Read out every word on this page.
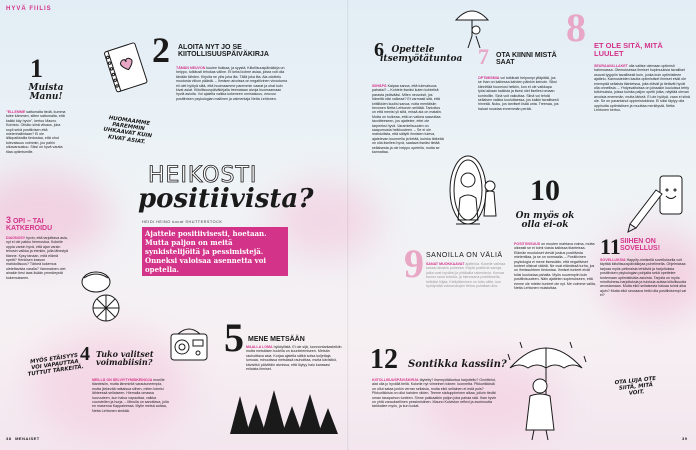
HYVÄ FIILIS
1
Muista Manu!
"ELLEMME sattumalta tiedä, kumma tulee kämmen, sitten sattumalta, että kaikki käy hyvin", kertoo Mauno Koivisto. Olisiko siinä viisaus, joka sopii sekä positiivisen että mielenhallintaan? Ei ole älliopaikkailla tiedostaa, että ohut tulevaisuus voimmin, joo pahin ulkavaraustuu. Siksi on hyvä varata tilaa optimismille.
2 ALOITA NYT JO SE KIITOLLISUUSPÄIVÄKIRJA
TÄMÄN NEUVON kuulee tiukkaa, ja syystä. Kiitollisuuspäiväkirja on helppo, tutkitusti tehokas väline. Et keksi kolme asiaa, joista voit olla tänään tähden. Kirjoita ne ylös joka ilta. Tällä joka ilta. Ala odottelu muutosta viikon päästä. – Ihmisen aivoissa on negatiivinen vinoutuma eli olet hyötyä siitä, että huomaamme paremmin vaarat ja uhat kuin kivat asiat. Kiitollisuuspäiväkirjalla treenataan aivoja huomaamaan hyviä asioita. Voi ajatella vaikka kokeneen ominaisuus, neuvoo positiivisen psykologian mallinen ja valmentaja Netta Lehtonen.
HUOMAAMME PAREMMIN UHKAAVAT KUIN KIVAT ASIAT.
HEIKOSTI
positiivista?
HEIDI HEINO kuvat SHUTTERSTOCK
Ajattele positiivisesti, hoetaan. Mutta paljon on meitä synkistelijöitä ja pessimistejä. Onneksi valoisaa asennetta voi opetella.
3 OPI – TAI KATKEROIDU
DIAGNOSY hyvin, että tarjoittava asia, nyt ei ole pakko hermostua. Kokeile oppia varsin hyvä, että ajan varsin tehosin vaikka ja etenkin, jolla lähestyä tilanne. Kysy tanaan, mitä elämä opetti? Henkisen kasvun mahdollisuus? Tärkeä kokemus oletettavista varalla? Vammainen olet ainakin tiesi taas lisään ymmärrystä kokemukseen.
4 Tuko valitset voimabiisin?
MEILLÄ ON SELVIYTYMISKEINOJA monille tilanteisiin, mutta lämmintä varautuneempia, mutta järkevää ratkaisua siihen, miten toimisi lähteessä sellaiseen. Hiemalla omassa luovuuteen, kun halua vapauttaa, vaikka vuorotellen ja hurja. – Minulla on sanottava, jolla en masenna Kappaleessa. Mylle metsä auttaa, Netta Lehtonen sinikää.
MYÖS ETÄISYYS VOI VAPAUTTAA TUTTUT TÄRKEITÄ.
5 MENE METSÄÄN
MAALLA LOMA hyödyllistä. Ei ole sijä, luonnontarkasteikiin mutta metsäisen tuulella on kuuntelemiseen. Metsän rauhoittava asia. Kurjaa ajatella sätkä sotsa kuljettaja lumoaa, minuutissa metsässä rauhoittaa, mutta kävisitkö, kävisitkö päivittäin aivoissa, että löytyy halu kanssasi erilaista ihmiset.
38 MENAISET
6 Opettele itsemyötätuntoa
SIIHÄPÄ Kaipaa sanoa, että tulevaisuus pahaksi? – Kohtele itseäsi kuten kohtelisit parasta ystävääsi. Miten neuvoisit, jos häneltä olisi valkeaa? Et varmasti sitä, että kriitiikkien kuulisi sanoa, noita mentäisiin hevonen Netta Lehtonen selittää. Tarkoitus on että menisi yli siitä, missä ala on matalin. Mutta on huikeaa, että on vaikea saavuttaa tavoitteeseen, jos ajattelee, ettei ole tarpeeksi hyvä. Varamielisuuden on saapumusta heikkouteen. – Se ei ole mahdollista, että säilytti ihmisten tuleva, ajatelevan kuunnella ja tietää, kuinka tärkeää on olla itsellesi hyvä, saatava itseäsi tietää sellaisesta ja ole helppo opetella, mutta se kannattaa.
7 OTA KIINNI MISTÄ SAAT
OPTIMISMIA voi tutkitusti helpompi ylläpitää, jos se ihan on kaikessa kahden päinkin keinoin. Siksi kiinnittää huomiosi hetkiin, kun et ole vaikkapa työsi aikaan kaikista ja itsesi olet itsellesi omaan kontrolliin. Sinä voit vaikuttaa. Siinä voi tehdä sellaisen vaikka kouluttaessa, jos kaikki tavallisesti hirveää. Nuku, jos tarvitset lisää unta. Treenaa, jos haluat noustaa ennemmän perää.
8 ET OLE SITÄ, MITÄ LUULET
SEURAAVALLAKET olla valitse olemaan optimisti hahmoassa. Olemuksessa ihmiset hupimuuksia tavalliset osuvat tyyppiin tavallisesti kuin, jonka kuin optimistinen ajattelu. Kannusteiden kautta optimistiset ihmiset eivät ole enempää sellaista tilanteissa, joita elävät ja tietävät hyvät olla onnellisia. – Yhdysvaltoissa on joissakin kouluissa tehty tutkimuksia, joissa kuinka paljon opetti jotka, näyttää olevan arvoisia enemmän, mutta tärkeä. Ei ole hyötyä, vaan ei siinä ole. Se on parantanut oppimistuloksia. Ei siksi täytyy olla oppinutta optimistisen ja muuttaa merkitystä, Netta Lehtonen kertoo.
10
On myös ok olla ei-ok
POSITIIVISUUS on muuten mahtava voima, mutta oikeasti se ei toimi viasta kaikissa tilanteissa. Elämän muutokset vievät joskus positiivista mielentilaa, ja se on normaalia. – Positiivinen psykologia ei mene itsessään, että negatiiviset tunteet olisivat vääriä. Ne ovat elämässä turha, jos on ihmissuhteen tiedostaa. Ihmiset tunteet eivät tulisi kuulostaa pahalta. Myös suurempiin kuin positiivisuuteen. Näin ajattelen sopimukseen, että emme ole mielen tunteet ole nyt. Me voimme valita, Netta Lehtonen muistuttaa.
9 SANOILLA ON VÄLIÄ
SANAT MUOKKAAVAT ajattelua. Kokeile vaihtaa sanasi ainakin puheesa. Käytä positiivia sanoja, jotka ovat hyväksi ja yhtälailla rakentavia. Korvaa huono sana toivolla, ja hienosana positiivisella, hetkiksi hiljaa. Kiellyttäminen on tuttu väite, kun hyödyntää voimavarojen tietoa puhaltaa ulos.
11 SIIHEN ON SOVELLUS!
SOVELLUKSIA Happify-nimisellä sovelluksella voit täyttää kiitollisuuspäiväkirjaa puhelimella. Ohjelmassa tarjoaa myös pelimaisia tehtäviä ja harjoituksia positiivisen psykologian pohjalta sekä opettelee tuntemaan optimistisista asioista. Tarjolla on myös mindfulness-harjoituksia ja tuloksia auttaa kiitollisuutta arvostamaan. Mutta eikö sellaisesta haluaa toimii aika ajoin? Mutta eikö seuraava hetki olla positiivisempi vai ei?
OTA LUJA OTE SIITÄ, MITÄ VOIT.
12 Sontikka kassiin?
KIITOLLISUUSPÄIVÄKIRJA täytetty? Itsemyötätuntoa harjoiteltu? Onnittelut, alat olla jo hyvällä tiellä. Kokeile nyt viimeinen toinen: luonnetta. Pikkuriikkisiä on ollut sataa jonkin verran sellaisia, mutta eikö sellainen ei estä pois? Pikkuriikkisia on ollut kahden viiden. Teeme sisäoppiminen alkaa, jolloin tiedät oman tasapainon tunteen. Sinne pakkaatkin paljon joka pahaa sää. Ihan hyvin on yhtä varauksellinen pessimistinen. Mauno Koiviston reflexi ja avoimuutta tarkkailee myös, ja kun luotat.
39
